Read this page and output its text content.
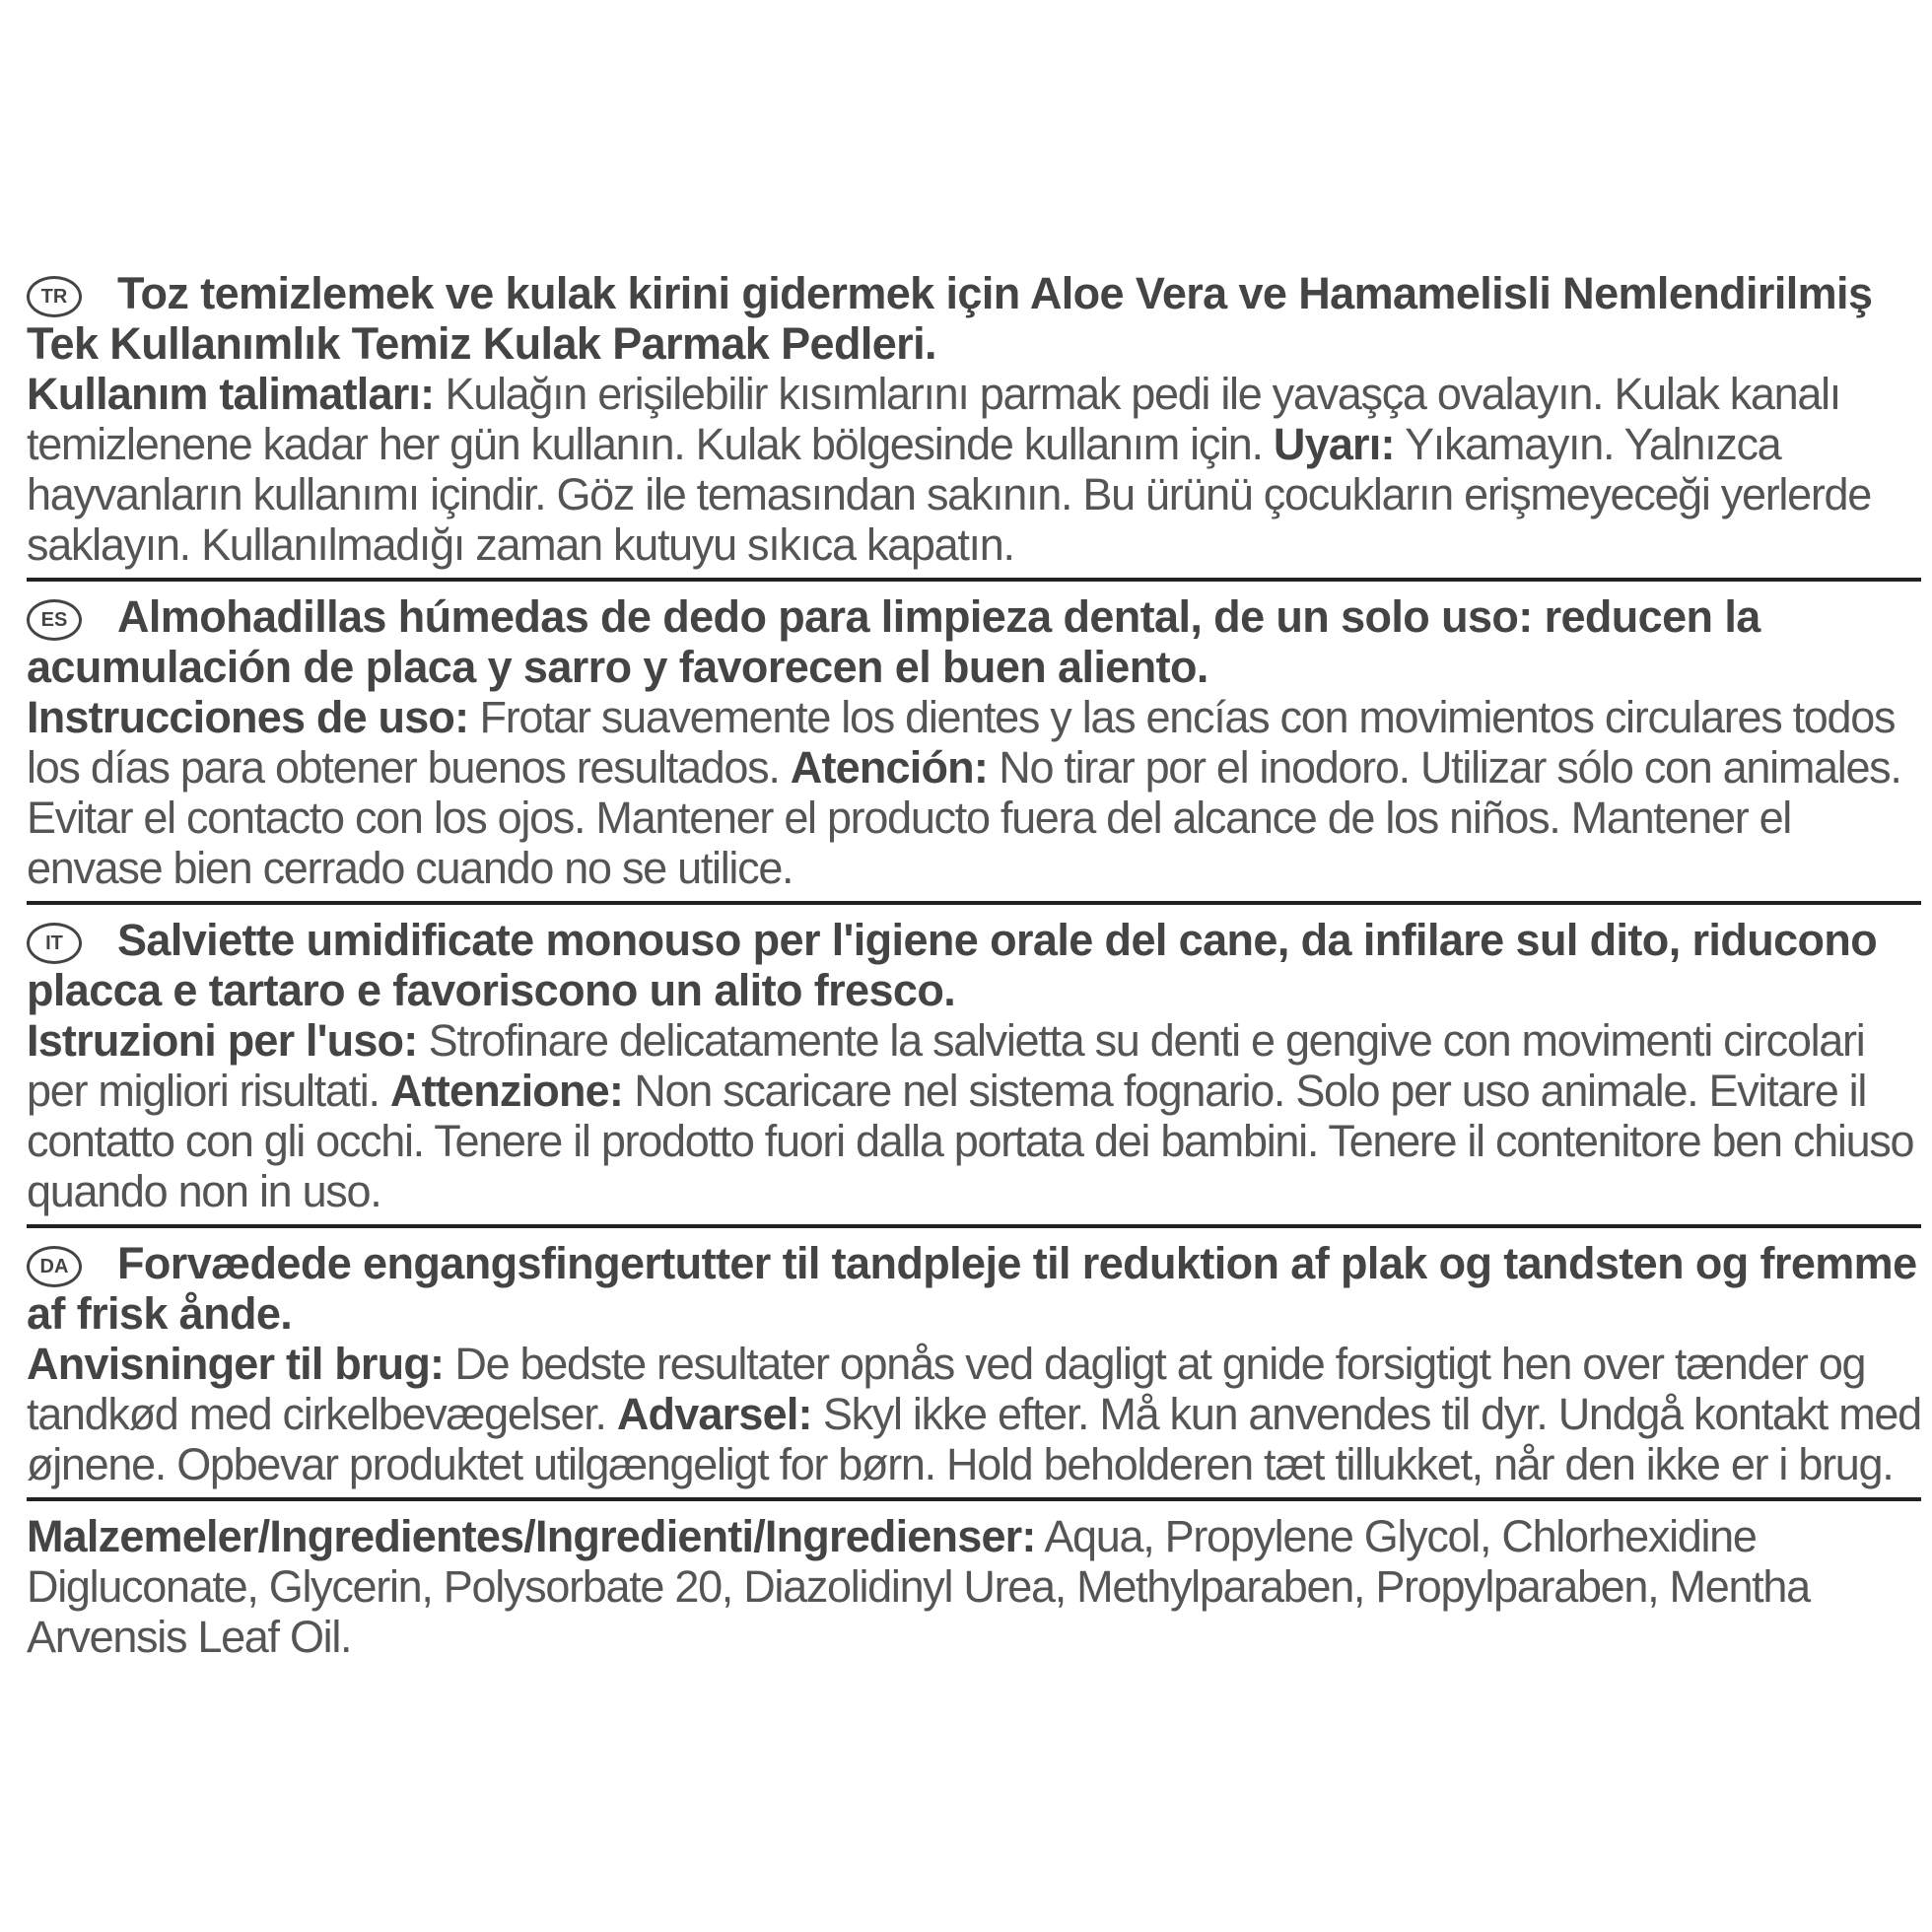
TR Toz temizlemek ve kulak kirini gidermek için Aloe Vera ve Hamamelisli Nemlendirilmiş Tek Kullanımlık Temiz Kulak Parmak Pedleri.

Kullanım talimatları: Kulağın erişilebilir kısımlarını parmak pedi ile yavaşça ovalayın. Kulak kanalı temizlenene kadar her gün kullanın. Kulak bölgesinde kullanım için. Uyarı: Yıkamayın. Yalnızca hayvanların kullanımı içindir. Göz ile temasından sakının. Bu ürünü çocukların erişmeyeceği yerlerde saklayın. Kullanılmadığı zaman kutuyu sıkıca kapatın.

ES Almohadillas húmedas de dedo para limpieza dental, de un solo uso: reducen la acumulación de placa y sarro y favorecen el buen aliento.

Instrucciones de uso: Frotar suavemente los dientes y las encías con movimientos circulares todos los días para obtener buenos resultados. Atención: No tirar por el inodoro. Utilizar sólo con animales. Evitar el contacto con los ojos. Mantener el producto fuera del alcance de los niños. Mantener el envase bien cerrado cuando no se utilice.

IT Salviette umidificate monouso per l'igiene orale del cane, da infilare sul dito, riducono placca e tartaro e favoriscono un alito fresco.

Istruzioni per l'uso: Strofinare delicatamente la salvietta su denti e gengive con movimenti circolari per migliori risultati. Attenzione: Non scaricare nel sistema fognario. Solo per uso animale. Evitare il contatto con gli occhi. Tenere il prodotto fuori dalla portata dei bambini. Tenere il contenitore ben chiuso quando non in uso.

DA Forvædede engangsfingertutter til tandpleje til reduktion af plak og tandsten og fremme af frisk ånde.

Anvisninger til brug: De bedste resultater opnås ved dagligt at gnide forsigtigt hen over tænder og tandkød med cirkelbevægelser. Advarsel: Skyl ikke efter. Må kun anvendes til dyr. Undgå kontakt med øjnene. Opbevar produktet utilgængeligt for børn. Hold beholderen tæt tillukket, når den ikke er i brug.

Malzemeler/Ingredientes/Ingredienti/Ingredienser: Aqua, Propylene Glycol, Chlorhexidine Digluconate, Glycerin, Polysorbate 20, Diazolidinyl Urea, Methylparaben, Propylparaben, Mentha Arvensis Leaf Oil.
